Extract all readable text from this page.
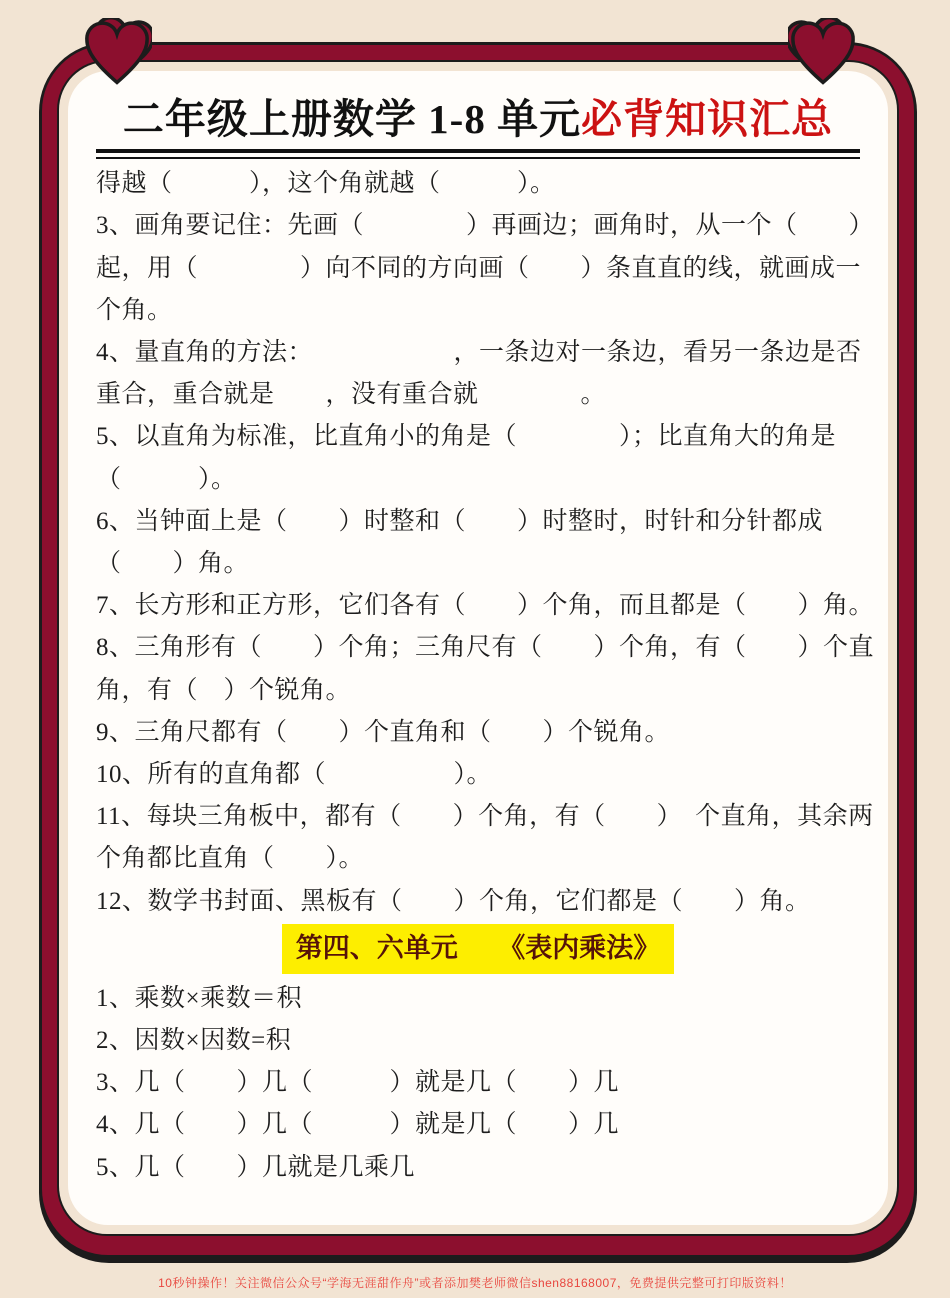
二年级上册数学 1-8 单元必背知识汇总
得越（　　　），这个角就越（　　　）。
3、画角要记住：先画（　　　　）再画边；画角时，从一个（　　）
起，用（　　　　）向不同的方向画（　　）条直直的线，就画成一
个角。
4、量直角的方法：　　　　　　，一条边对一条边，看另一条边是否
重合，重合就是　　，没有重合就　　　　。
5、以直角为标准，比直角小的角是（　　　　）；比直角大的角是
（　　　）。
6、当钟面上是（　　）时整和（　　）时整时，时针和分针都成
（　　）角。
7、长方形和正方形，它们各有（　　）个角，而且都是（　　）角。
8、三角形有（　　）个角；三角尺有（　　）个角，有（　　）个直
角，有（　）个锐角。
9、三角尺都有（　　）个直角和（　　）个锐角。
10、所有的直角都（　　　　　）。
11、每块三角板中，都有（　　）个角，有（　　）　个直角，其余两
个角都比直角（　　）。
12、数学书封面、黑板有（　　）个角，它们都是（　　）角。
第四、六单元　　《表内乘法》
1、乘数×乘数＝积
2、因数×因数=积
3、几（　　）几（　　　）就是几（　　）几
4、几（　　）几（　　　）就是几（　　）几
5、几（　　）几就是几乘几
10秒钟操作！关注微信公众号“学海无涯甜作舟”或者添加樊老师微信shen88168007，免费提供完整可打印版资料！
